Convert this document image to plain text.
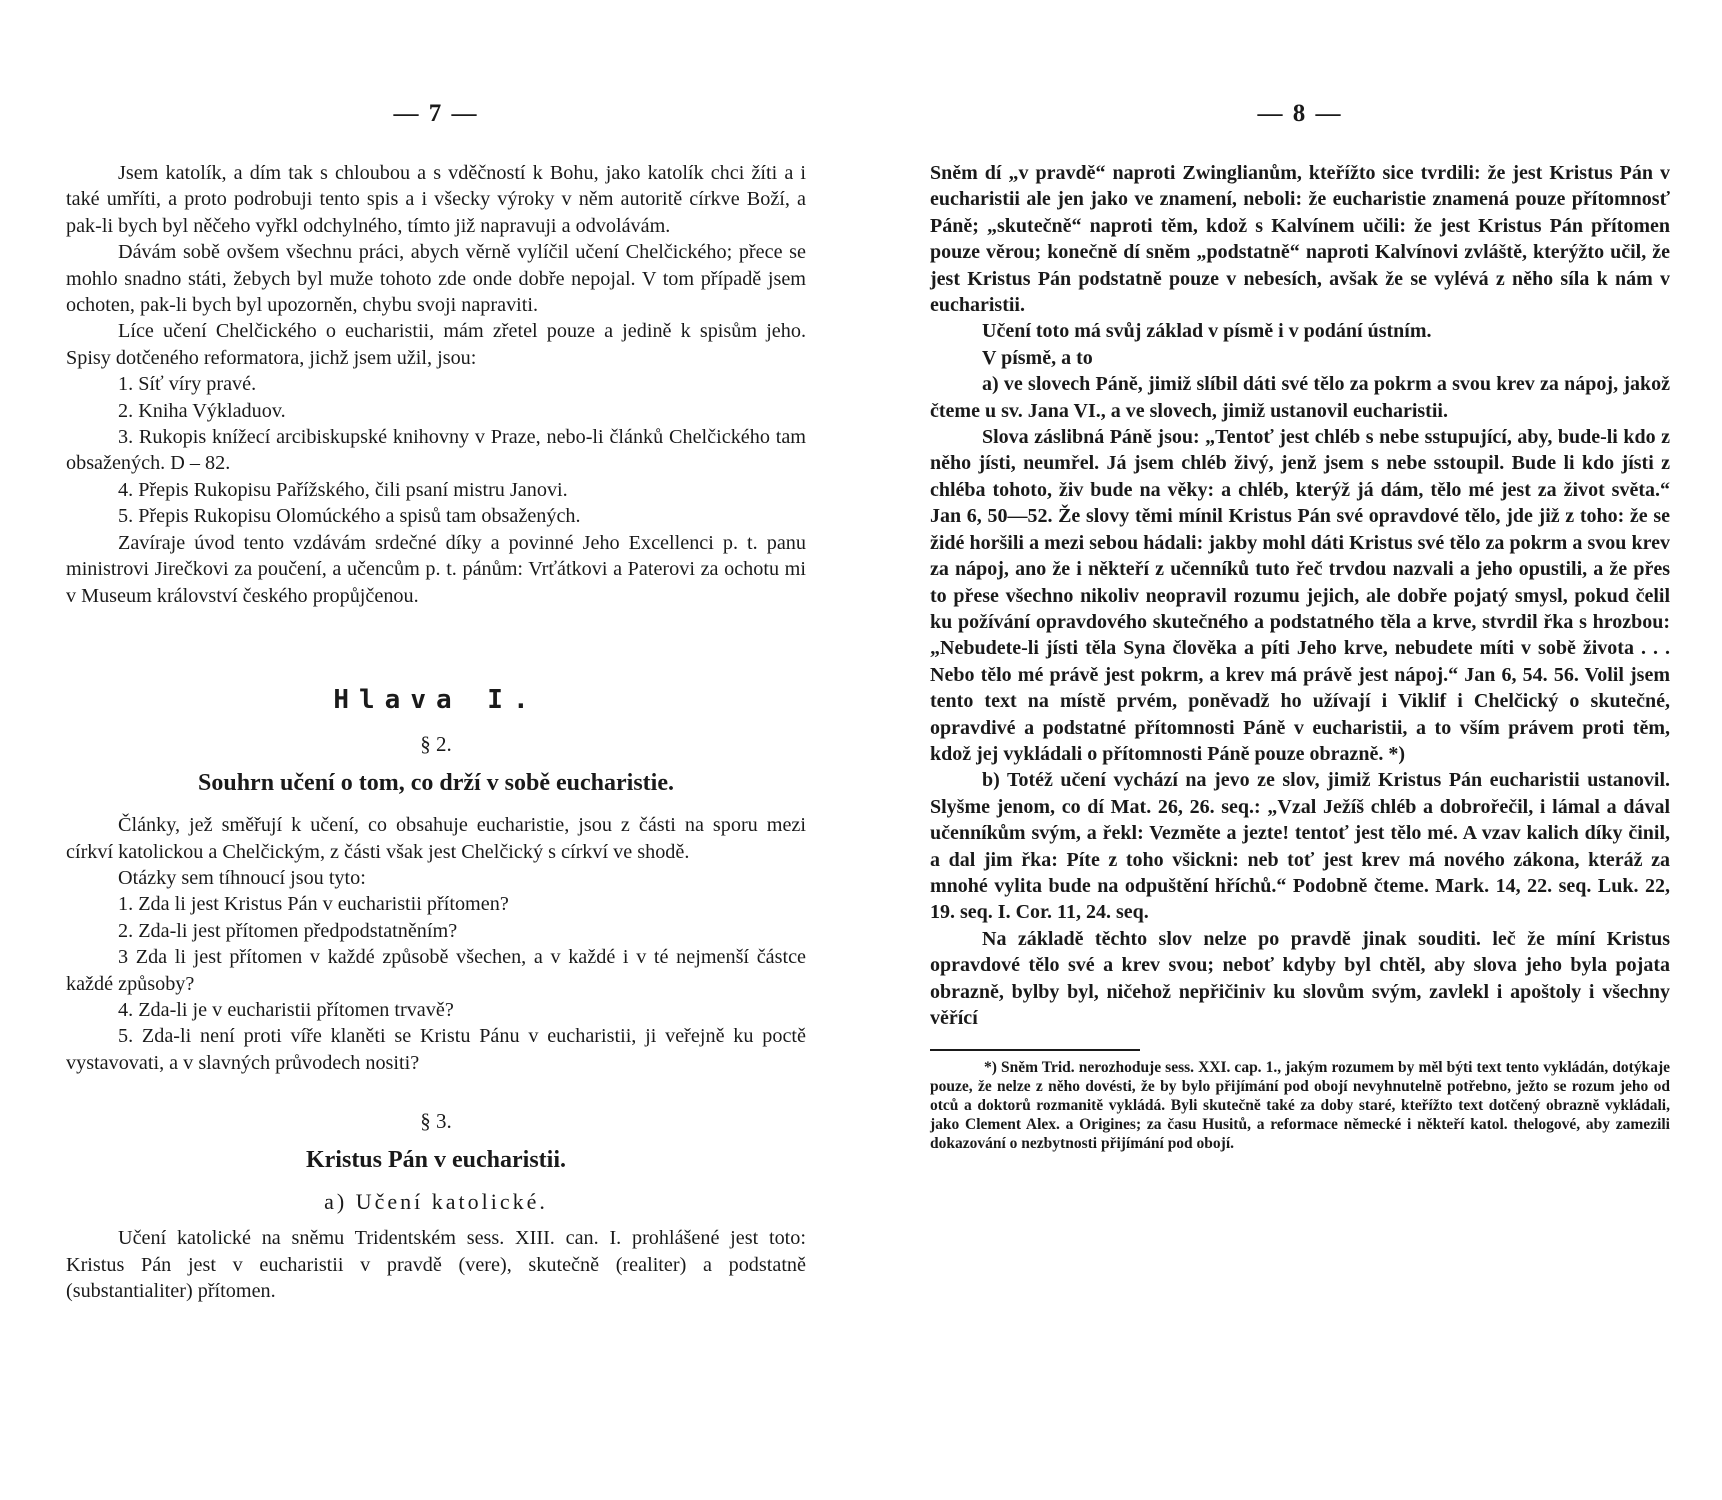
— 7 —

Jsem katolík, a dím tak s chloubou a s vděčností k Bohu, jako katolík chci žíti a i také umříti, a proto podrobuji tento spis a i všecky výroky v něm autoritě církve Boží, a pak-li bych byl něčeho vyřkl odchylného, tímto již napravuji a odvolávám.

Dávám sobě ovšem všechnu práci, abych věrně vylíčil učení Chelčického; přece se mohlo snadno státi, žebych byl muže tohoto zde onde dobře nepojal. V tom případě jsem ochoten, pak-li bych byl upozorněn, chybu svoji napraviti.

Líce učení Chelčického o eucharistii, mám zřetel pouze a jedině k spisům jeho. Spisy dotčeného reformatora, jichž jsem užil, jsou:

1. Síť víry pravé.

2. Kniha Výkladuov.

3. Rukopis knížecí arcibiskupské knihovny v Praze, nebo-li článků Chelčického tam obsažených. D – 82.

4. Přepis Rukopisu Pařížského, čili psaní mistru Janovi.

5. Přepis Rukopisu Olomúckého a spisů tam obsažených.

Zavíraje úvod tento vzdávám srdečné díky a povinné Jeho Excellenci p. t. panu ministrovi Jirečkovi za poučení, a učencům p. t. pánům: Vrťátkovi a Paterovi za ochotu mi v Museum království českého propůjčenou.

Hlava I.
§ 2.
Souhrn učení o tom, co drží v sobě eucharistie.

Články, jež směřují k učení, co obsahuje eucharistie, jsou z části na sporu mezi církví katolickou a Chelčickým, z části však jest Chelčický s církví ve shodě.

Otázky sem tíhnoucí jsou tyto:

1. Zda li jest Kristus Pán v eucharistii přítomen?

2. Zda-li jest přítomen předpodstatněním?

3 Zda li jest přítomen v každé způsobě všechen, a v každé i v té nejmenší částce každé způsoby?

4. Zda-li je v eucharistii přítomen trvavě?

5. Zda-li není proti víře klaněti se Kristu Pánu v eucharistii, ji veřejně ku poctě vystavovati, a v slavných průvodech nositi?

§ 3.
Kristus Pán v eucharistii.
a) Učení katolické.

Učení katolické na sněmu Tridentském sess. XIII. can. I. prohlášené jest toto: Kristus Pán jest v eucharistii v pravdě (vere), skutečně (realiter) a podstatně (substantialiter) přítomen.

— 8 —

Sněm dí „v pravdě“ naproti Zwinglianům, kteřížto sice tvrdili: že jest Kristus Pán v eucharistii ale jen jako ve znamení, neboli: že eucharistie znamená pouze přítomnosť Páně; „skutečně“ naproti těm, kdož s Kalvínem učili: že jest Kristus Pán přítomen pouze věrou; konečně dí sněm „podstatně“ naproti Kalvínovi zvláště, kterýžto učil, že jest Kristus Pán podstatně pouze v nebesích, avšak že se vylévá z něho síla k nám v eucharistii.

Učení toto má svůj základ v písmě i v podání ústním.

V písmě, a to

a) ve slovech Páně, jimiž slíbil dáti své tělo za pokrm a svou krev za nápoj, jakož čteme u sv. Jana VI., a ve slovech, jimiž ustanovil eucharistii.

Slova záslibná Páně jsou: „Tentoť jest chléb s nebe sstupující, aby, bude-li kdo z něho jísti, neumřel. Já jsem chléb živý, jenž jsem s nebe sstoupil. Bude li kdo jísti z chléba tohoto, živ bude na věky: a chléb, kterýž já dám, tělo mé jest za život světa.“ Jan 6, 50—52. Že slovy těmi mínil Kristus Pán své opravdové tělo, jde již z toho: že se židé horšili a mezi sebou hádali: jakby mohl dáti Kristus své tělo za pokrm a svou krev za nápoj, ano že i někteří z učenníků tuto řeč trvdou nazvali a jeho opustili, a že přes to přese všechno nikoliv neopravil rozumu jejich, ale dobře pojatý smysl, pokud čelil ku požívání opravdového skutečného a podstatného těla a krve, stvrdil řka s hrozbou: „Nebudete-li jísti těla Syna člověka a píti Jeho krve, nebudete míti v sobě života . . . Nebo tělo mé právě jest pokrm, a krev má právě jest nápoj.“ Jan 6, 54. 56. Volil jsem tento text na místě prvém, poněvadž ho užívají i Viklif i Chelčický o skutečné, opravdivé a podstatné přítomnosti Páně v eucharistii, a to vším právem proti těm, kdož jej vykládali o přítomnosti Páně pouze obrazně. *)

b) Totéž učení vychází na jevo ze slov, jimiž Kristus Pán eucharistii ustanovil. Slyšme jenom, co dí Mat. 26, 26. seq.: „Vzal Ježíš chléb a dobrořečil, i lámal a dával učenníkům svým, a řekl: Vezměte a jezte! tentoť jest tělo mé. A vzav kalich díky činil, a dal jim řka: Píte z toho všickni: neb toť jest krev má nového zákona, kteráž za mnohé vylita bude na odpuštění hříchů.“ Podobně čteme. Mark. 14, 22. seq. Luk. 22, 19. seq. I. Cor. 11, 24. seq.

Na základě těchto slov nelze po pravdě jinak souditi. leč že míní Kristus opravdové tělo své a krev svou; neboť kdyby byl chtěl, aby slova jeho byla pojata obrazně, bylby byl, ničehož nepřičiniv ku slovům svým, zavlekl i apoštoly i všechny věřící

*) Sněm Trid. nerozhoduje sess. XXI. cap. 1., jakým rozumem by měl býti text tento vykládán, dotýkaje pouze, že nelze z něho dovésti, že by bylo přijímání pod obojí nevyhnutelně potřebno, ježto se rozum jeho od otců a doktorů rozmanitě vykládá. Byli skutečně také za doby staré, kteřížto text dotčený obrazně vykládali, jako Clement Alex. a Origines; za času Husitů, a reformace německé i někteří katol. thelogové, aby zamezili dokazování o nezbytnosti přijímání pod obojí.
